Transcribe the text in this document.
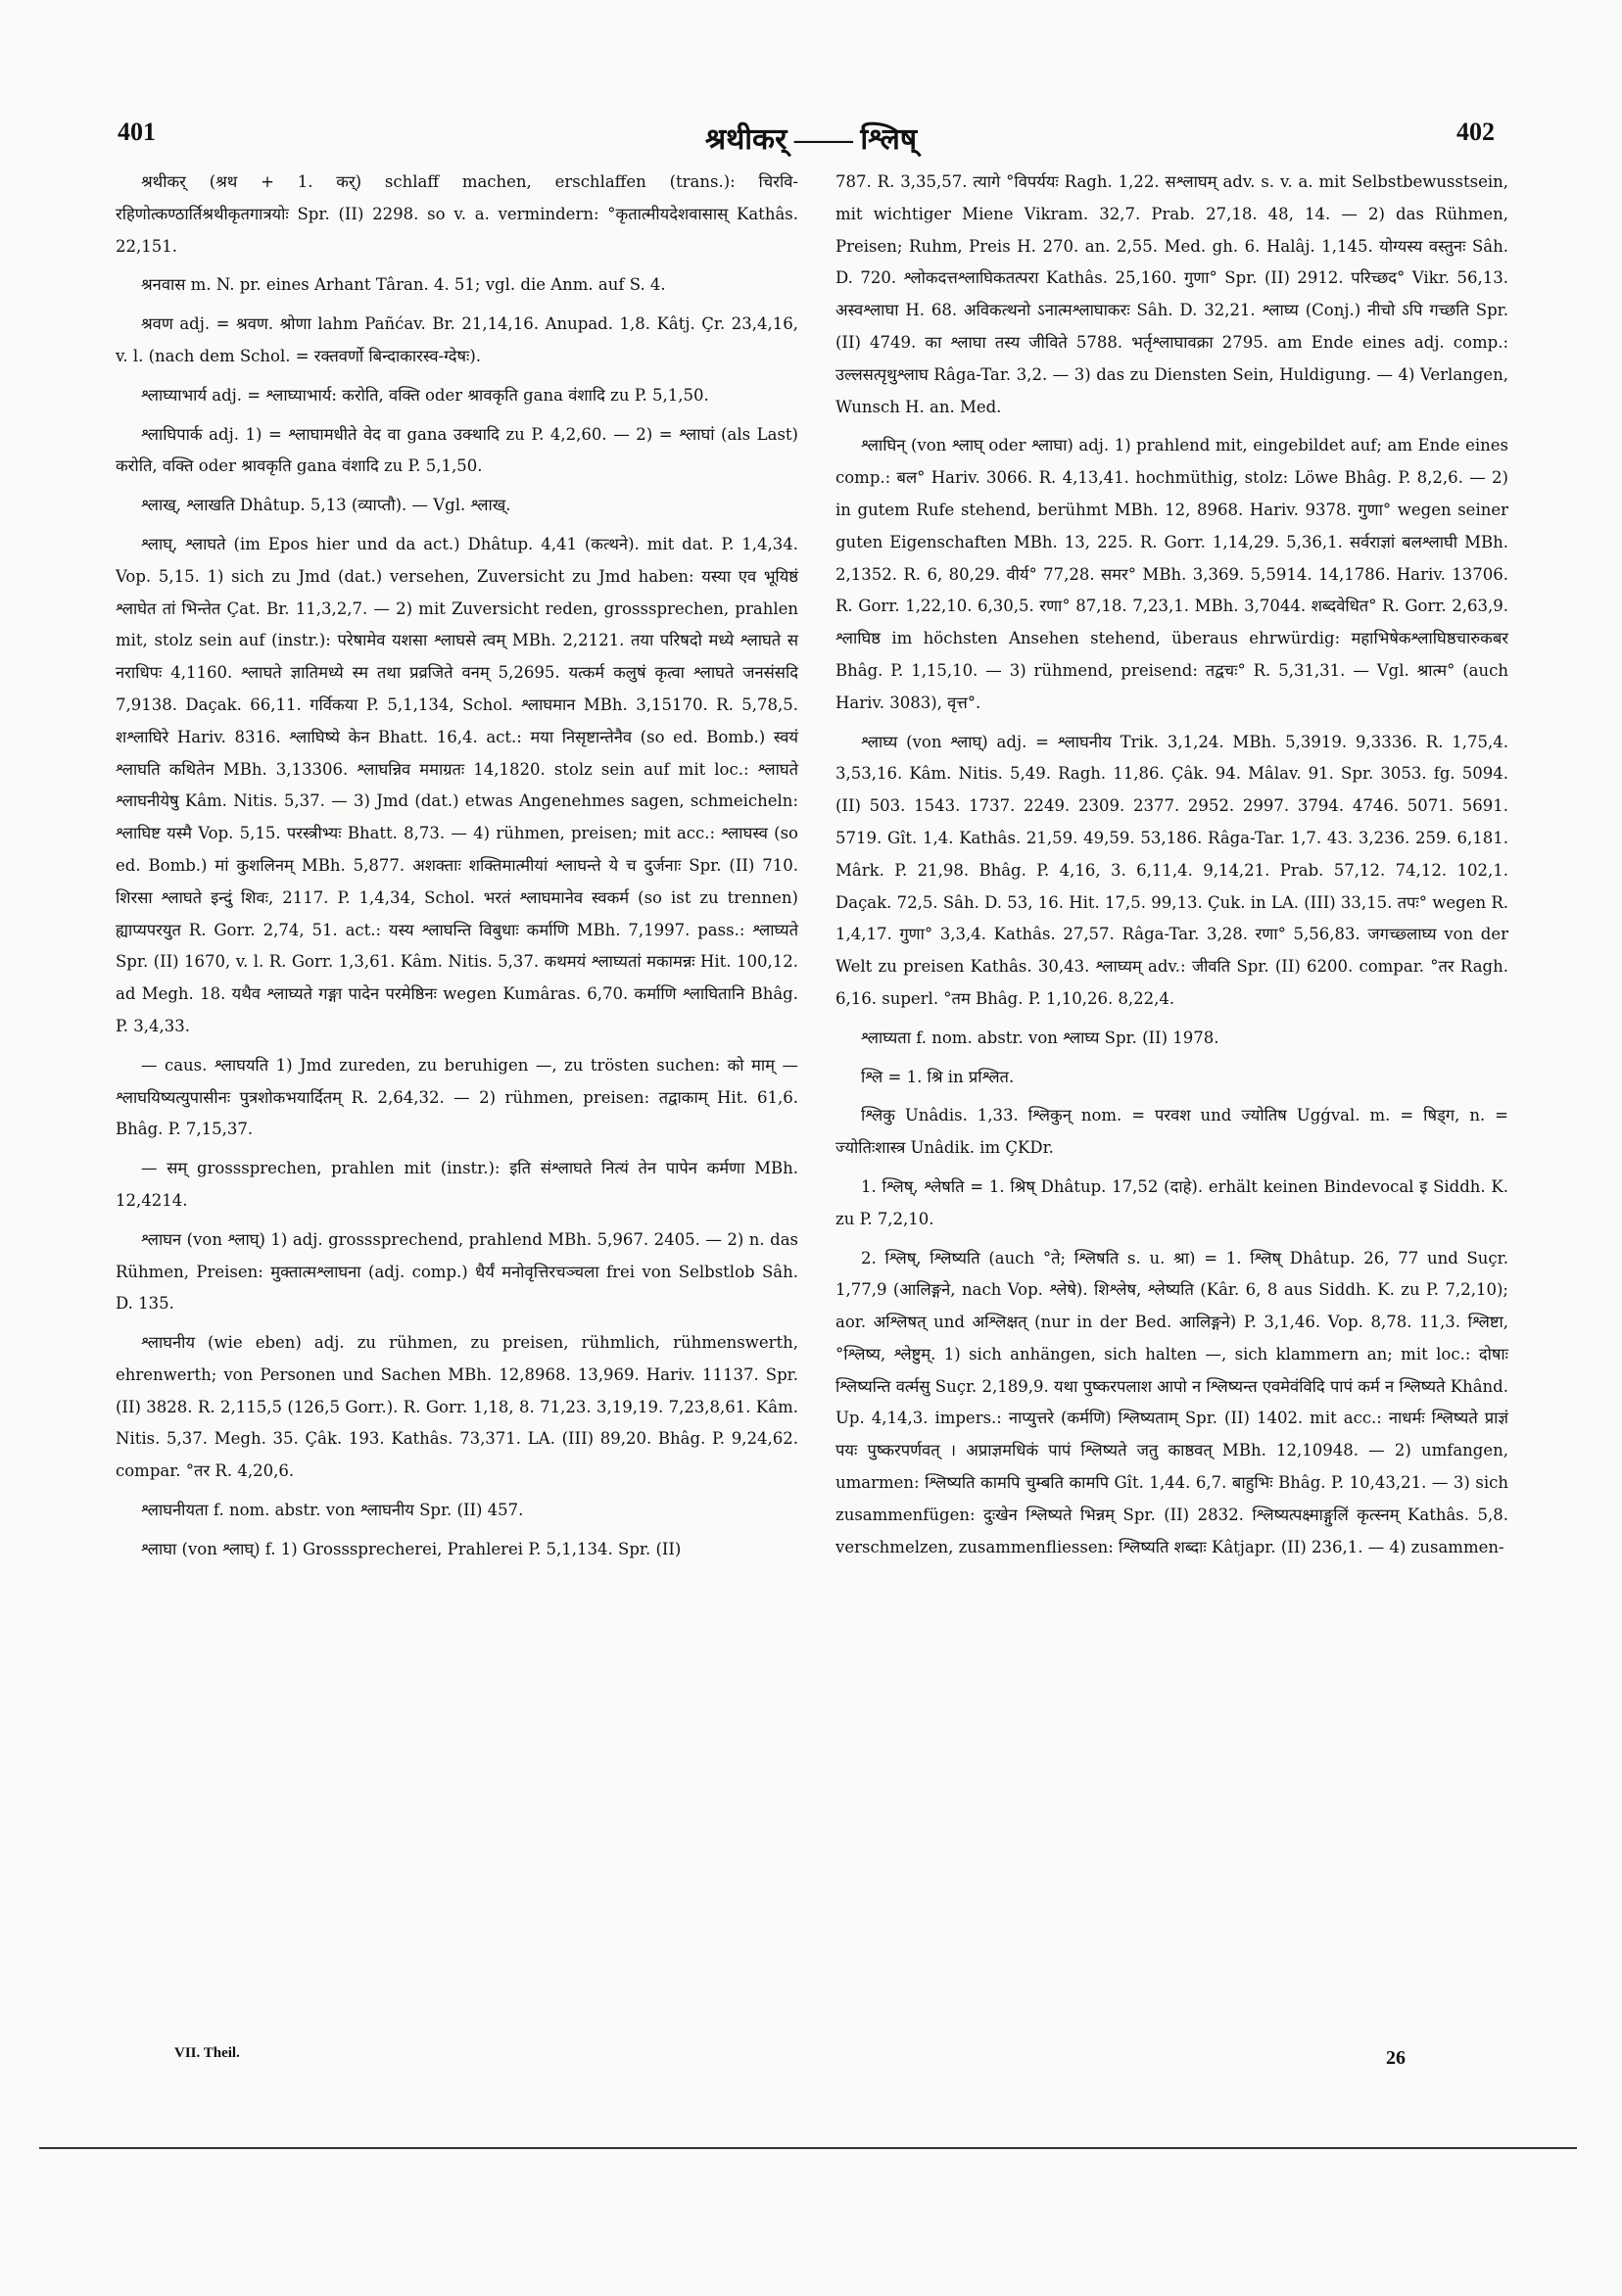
401	श्रथीकर् —— श्लिष्	402

श्रथीकर् (श्रथ + 1. कर्) schlaff machen, erschlaffen (trans.): चिरवि-रहिणोत्कण्ठार्तिश्रथीकृतगात्रयोः Spr. (II) 2298. so v. a. vermindern: °कृतात्मीयदेशवासास् Kathâs. 22,151.

श्रनवास m. N. pr. eines Arhant Târan. 4. 51; vgl. die Anm. auf S. 4.

श्रवण adj. = श्रवण. श्रोणा lahm Pañćav. Br. 21,14,16. Anupad. 1,8. Kâtj. Çr. 23,4,16, v. l. (nach dem Schol. = रक्तवर्णो बिन्दाकारस्व-ग्देषः).

श्लाघ्याभार्य adj. = श्लाघ्याभार्य: करोति, वक्ति oder श्रावकृति gana वंशादि zu P. 5,1,50.

श्लाघिपार्क adj. 1) = श्लाघामधीते वेद वा gana उक्थादि zu P. 4,2,60. — 2) = श्लाघां (als Last) करोति, वक्ति oder श्रावकृति gana वंशादि zu P. 5,1,50.

श्लाख्, श्लाखति Dhâtup. 5,13 (व्याप्तौ). — Vgl. श्लाख्.

श्लाघ्, श्लाघते (im Epos hier und da act.) Dhâtup. 4,41 (कत्थने). mit dat. P. 1,4,34. Vop. 5,15. 1) sich zu Jmd (dat.) versehen, Zuversicht zu Jmd haben: यस्या एव भूयिष्ठं श्लाघेत तां भिन्तेत Çat. Br. 11,3,2,7. — 2) mit Zuversicht reden, grosssprechen, prahlen mit, stolz sein auf (instr.): परेषामेव यशसा श्लाघसे त्वम् MBh. 2,2121. तया परिषदो मध्ये श्लाघते स नराधिपः 4,1160. श्लाघते ज्ञातिमध्ये स्म तथा प्रव्रजिते वनम् 5,2695. यत्कर्म कलुषं कृत्वा श्लाघते जनसंसदि 7,9138. Daçak. 66,11. गर्विकया P. 5,1,134, Schol. श्लाघमान MBh. 3,15170. R. 5,78,5. शश्लाघिरे Hariv. 8316. श्लाघिष्ये केन Bhatt. 16,4. act.: मया निसृष्टान्तेनैव (so ed. Bomb.) स्वयं श्लाघति कथितेन MBh. 3,13306. श्लाघन्निव ममाग्रतः 14,1820. stolz sein auf mit loc.: श्लाघते श्लाघनीयेषु Kâm. Nitis. 5,37. — 3) Jmd (dat.) etwas Angenehmes sagen, schmeicheln: श्लाघिष्ट यस्मै Vop. 5,15. परस्त्रीभ्यः Bhatt. 8,73. — 4) rühmen, preisen; mit acc.: श्लाघस्व (so ed. Bomb.) मां कुशलिनम् MBh. 5,877. अशक्ताः शक्तिमात्मीयां श्लाघन्ते ये च दुर्जनाः Spr. (II) 710. शिरसा श्लाघते इन्दुं शिवः, 2117. P. 1,4,34, Schol. भरतं श्लाघमानेव स्वकर्म (so ist zu trennen) ह्याप्यपरयुत R. Gorr. 2,74, 51. act.: यस्य श्लाघन्ति विबुधाः कर्माणि MBh. 7,1997. pass.: श्लाघ्यते Spr. (II) 1670, v. l. R. Gorr. 1,3,61. Kâm. Nitis. 5,37. कथमयं श्लाघ्यतां मकामन्नः Hit. 100,12. ad Megh. 18. यथैव श्लाघ्यते गङ्गा पादेन परमेष्ठिनः wegen Kumâras. 6,70. कर्माणि श्लाघितानि Bhâg. P. 3,4,33.

— caus. श्लाघयति 1) Jmd zureden, zu beruhigen —, zu trösten suchen: को माम् — श्लाघयिष्यत्युपासीनः पुत्रशोकभयार्दितम् R. 2,64,32. — 2) rühmen, preisen: तद्वाकाम् Hit. 61,6. Bhâg. P. 7,15,37.

— सम् grosssprechen, prahlen mit (instr.): इति संश्लाघते नित्यं तेन पापेन कर्मणा MBh. 12,4214.

श्लाघन (von श्लाघ्) 1) adj. grosssprechend, prahlend MBh. 5,967. 2405. — 2) n. das Rühmen, Preisen: मुक्तात्मश्लाघना (adj. comp.) धैर्यं मनोवृत्तिरचञ्चला frei von Selbstlob Sâh. D. 135.

श्लाघनीय (wie eben) adj. zu rühmen, zu preisen, rühmlich, rühmenswerth, ehrenwerth; von Personen und Sachen MBh. 12,8968. 13,969. Hariv. 11137. Spr. (II) 3828. R. 2,115,5 (126,5 Gorr.). R. Gorr. 1,18, 8. 71,23. 3,19,19. 7,23,8,61. Kâm. Nitis. 5,37. Megh. 35. Çâk. 193. Kathâs. 73,371. LA. (III) 89,20. Bhâg. P. 9,24,62. compar. °तर R. 4,20,6.

श्लाघनीयता f. nom. abstr. von श्लाघनीय Spr. (II) 457.

श्लाघा (von श्लाघ्) f. 1) Grosssprecherei, Prahlerei P. 5,1,134. Spr. (II)

787. R. 3,35,57. त्यागे °विपर्ययः Ragh. 1,22. सश्लाघम् adv. s. v. a. mit Selbstbewusstsein, mit wichtiger Miene Vikram. 32,7. Prab. 27,18. 48, 14. — 2) das Rühmen, Preisen; Ruhm, Preis H. 270. an. 2,55. Med. gh. 6. Halâj. 1,145. योग्यस्य वस्तुनः Sâh. D. 720. श्लोकदत्तश्लाघिकतत्परा Kathâs. 25,160. गुणा° Spr. (II) 2912. परिच्छद° Vikr. 56,13. अस्वश्लाघा H. 68. अविकत्थनो ऽनात्मश्लाघाकरः Sâh. D. 32,21. श्लाघ्य (Conj.) नीचो ऽपि गच्छति Spr. (II) 4749. का श्लाघा तस्य जीविते 5788. भर्तृश्लाघावक्रा 2795. am Ende eines adj. comp.: उल्लसत्पृथुश्लाघ Râga-Tar. 3,2. — 3) das zu Diensten Sein, Huldigung. — 4) Verlangen, Wunsch H. an. Med.

श्लाघिन् (von श्लाघ् oder श्लाघा) adj. 1) prahlend mit, eingebildet auf; am Ende eines comp.: बल° Hariv. 3066. R. 4,13,41. hochmüthig, stolz: Löwe Bhâg. P. 8,2,6. — 2) in gutem Rufe stehend, berühmt MBh. 12, 8968. Hariv. 9378. गुणा° wegen seiner guten Eigenschaften MBh. 13, 225. R. Gorr. 1,14,29. 5,36,1. सर्वराज्ञां बलश्लाघी MBh. 2,1352. R. 6, 80,29. वीर्य° 77,28. समर° MBh. 3,369. 5,5914. 14,1786. Hariv. 13706. R. Gorr. 1,22,10. 6,30,5. रणा° 87,18. 7,23,1. MBh. 3,7044. शब्दवेधित° R. Gorr. 2,63,9. श्लाघिष्ठ im höchsten Ansehen stehend, überaus ehrwürdig: महाभिषेकश्लाघिष्ठचारुकबर Bhâg. P. 1,15,10. — 3) rühmend, preisend: तद्वचः° R. 5,31,31. — Vgl. श्रात्म° (auch Hariv. 3083), वृत्त°.

श्लाघ्य (von श्लाघ्) adj. = श्लाघनीय Trik. 3,1,24. MBh. 5,3919. 9,3336. R. 1,75,4. 3,53,16. Kâm. Nitis. 5,49. Ragh. 11,86. Çâk. 94. Mâlav. 91. Spr. 3053. fg. 5094. (II) 503. 1543. 1737. 2249. 2309. 2377. 2952. 2997. 3794. 4746. 5071. 5691. 5719. Gît. 1,4. Kathâs. 21,59. 49,59. 53,186. Râga-Tar. 1,7. 43. 3,236. 259. 6,181. Mârk. P. 21,98. Bhâg. P. 4,16, 3. 6,11,4. 9,14,21. Prab. 57,12. 74,12. 102,1. Daçak. 72,5. Sâh. D. 53, 16. Hit. 17,5. 99,13. Çuk. in LA. (III) 33,15. तपः° wegen R. 1,4,17. गुणा° 3,3,4. Kathâs. 27,57. Râga-Tar. 3,28. रणा° 5,56,83. जगच्छ्लाघ्य von der Welt zu preisen Kathâs. 30,43. श्लाघ्यम् adv.: जीवति Spr. (II) 6200. compar. °तर Ragh. 6,16. superl. °तम Bhâg. P. 1,10,26. 8,22,4.

श्लाघ्यता f. nom. abstr. von श्लाघ्य Spr. (II) 1978.

श्लि = 1. श्रि in प्रश्लित.

श्लिकु Unâdis. 1,33. श्लिकुन् nom. = परवश und ज्योतिष Ugǵval. m. = षिड्ग, n. = ज्योतिःशास्त्र Unâdik. im ÇKDr.

1. श्लिष्, श्लेषति = 1. श्रिष् Dhâtup. 17,52 (दाहे). erhält keinen Bindevocal इ Siddh. K. zu P. 7,2,10.

2. श्लिष्, श्लिष्यति (auch °ते; श्लिषति s. u. श्रा) = 1. श्लिष् Dhâtup. 26, 77 und Suçr. 1,77,9 (आलिङ्गने, nach Vop. श्लेषे). शिश्लेष, श्लेष्यति (Kâr. 6, 8 aus Siddh. K. zu P. 7,2,10); aor. अश्लिषत् und अश्लिक्षत् (nur in der Bed. आलिङ्गने) P. 3,1,46. Vop. 8,78. 11,3. श्लिष्टा, °श्लिष्य, श्लेष्टुम्. 1) sich anhängen, sich halten —, sich klammern an; mit loc.: दोषाः श्लिष्यन्ति वर्त्मसु Suçr. 2,189,9. यथा पुष्करपलाश आपो न श्लिष्यन्त एवमेवंविदि पापं कर्म न श्लिष्यते Khând. Up. 4,14,3. impers.: नाप्युत्तरे (कर्मणि) श्लिष्यताम् Spr. (II) 1402. mit acc.: नाधर्मः श्लिष्यते प्राज्ञं पयः पुष्करपर्णवत् । अप्राज्ञमधिकं पापं श्लिष्यते जतु काष्ठवत् MBh. 12,10948. — 2) umfangen, umarmen: श्लिष्यति कामपि चुम्बति कामपि Gît. 1,44. 6,7. बाहुभिः Bhâg. P. 10,43,21. — 3) sich zusammenfügen: दुःखेन श्लिष्यते भिन्नम् Spr. (II) 2832. श्लिष्यत्पक्ष्माङ्गुलिं कृत्स्नम् Kathâs. 5,8. verschmelzen, zusammenfliessen: श्लिष्यति शब्दाः Kâtjapr. (II) 236,1. — 4) zusammen-

VII. Theil.	26
